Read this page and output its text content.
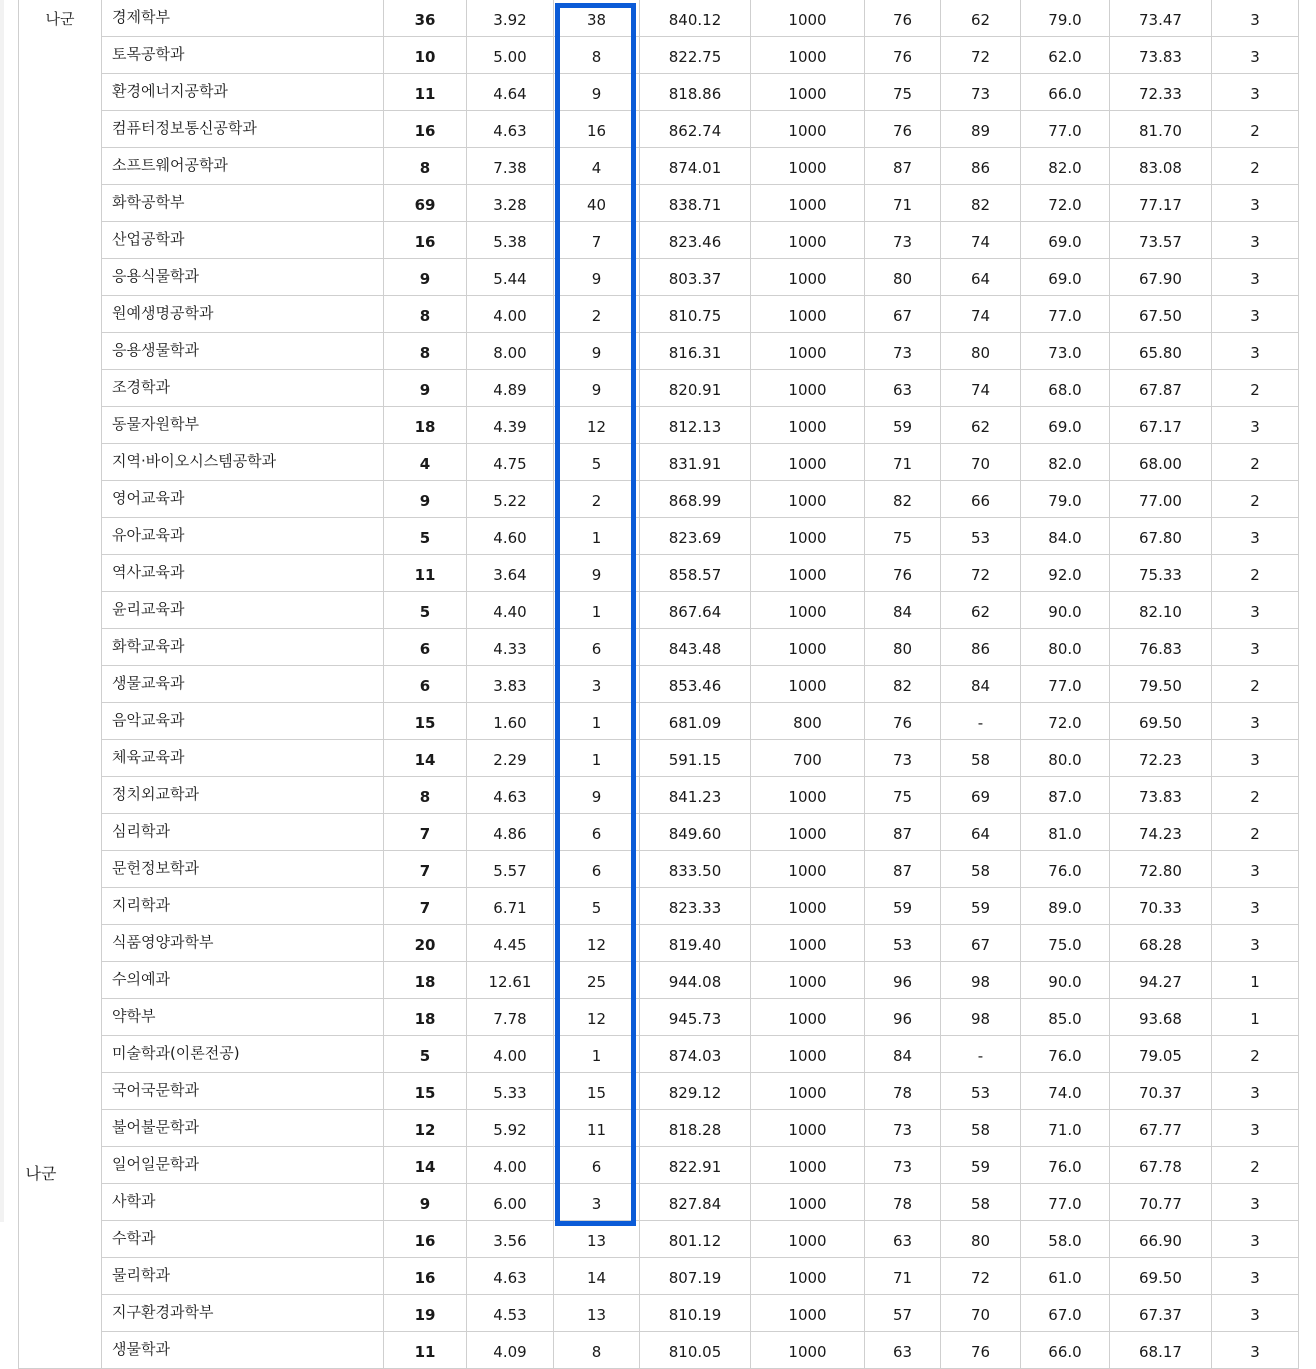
나군	경제학부	36	3.92	38	840.12	1000	76	62	79.0	73.47	3
	토목공학과	10	5.00	8	822.75	1000	76	72	62.0	73.83	3
	환경에너지공학과	11	4.64	9	818.86	1000	75	73	66.0	72.33	3
	컴퓨터정보통신공학과	16	4.63	16	862.74	1000	76	89	77.0	81.70	2
	소프트웨어공학과	8	7.38	4	874.01	1000	87	86	82.0	83.08	2
	화학공학부	69	3.28	40	838.71	1000	71	82	72.0	77.17	3
	산업공학과	16	5.38	7	823.46	1000	73	74	69.0	73.57	3
	응용식물학과	9	5.44	9	803.37	1000	80	64	69.0	67.90	3
	원예생명공학과	8	4.00	2	810.75	1000	67	74	77.0	67.50	3
	응용생물학과	8	8.00	9	816.31	1000	73	80	73.0	65.80	3
	조경학과	9	4.89	9	820.91	1000	63	74	68.0	67.87	2
	동물자원학부	18	4.39	12	812.13	1000	59	62	69.0	67.17	3
	지역·바이오시스템공학과	4	4.75	5	831.91	1000	71	70	82.0	68.00	2
	영어교육과	9	5.22	2	868.99	1000	82	66	79.0	77.00	2
	유아교육과	5	4.60	1	823.69	1000	75	53	84.0	67.80	3
	역사교육과	11	3.64	9	858.57	1000	76	72	92.0	75.33	2
	윤리교육과	5	4.40	1	867.64	1000	84	62	90.0	82.10	3
	화학교육과	6	4.33	6	843.48	1000	80	86	80.0	76.83	3
	생물교육과	6	3.83	3	853.46	1000	82	84	77.0	79.50	2
	음악교육과	15	1.60	1	681.09	800	76	-	72.0	69.50	3
	체육교육과	14	2.29	1	591.15	700	73	58	80.0	72.23	3
	정치외교학과	8	4.63	9	841.23	1000	75	69	87.0	73.83	2
	심리학과	7	4.86	6	849.60	1000	87	64	81.0	74.23	2
	문헌정보학과	7	5.57	6	833.50	1000	87	58	76.0	72.80	3
	지리학과	7	6.71	5	823.33	1000	59	59	89.0	70.33	3
	식품영양과학부	20	4.45	12	819.40	1000	53	67	75.0	68.28	3
	수의예과	18	12.61	25	944.08	1000	96	98	90.0	94.27	1
	약학부	18	7.78	12	945.73	1000	96	98	85.0	93.68	1
	미술학과(이론전공)	5	4.00	1	874.03	1000	84	-	76.0	79.05	2
	국어국문학과	15	5.33	15	829.12	1000	78	53	74.0	70.37	3
	불어불문학과	12	5.92	11	818.28	1000	73	58	71.0	67.77	3
	일어일문학과	14	4.00	6	822.91	1000	73	59	76.0	67.78	2
	사학과	9	6.00	3	827.84	1000	78	58	77.0	70.77	3
	수학과	16	3.56	13	801.12	1000	63	80	58.0	66.90	3
	물리학과	16	4.63	14	807.19	1000	71	72	61.0	69.50	3
	지구환경과학부	19	4.53	13	810.19	1000	57	70	67.0	67.37	3
	생물학과	11	4.09	8	810.05	1000	63	76	66.0	68.17	3
나군
